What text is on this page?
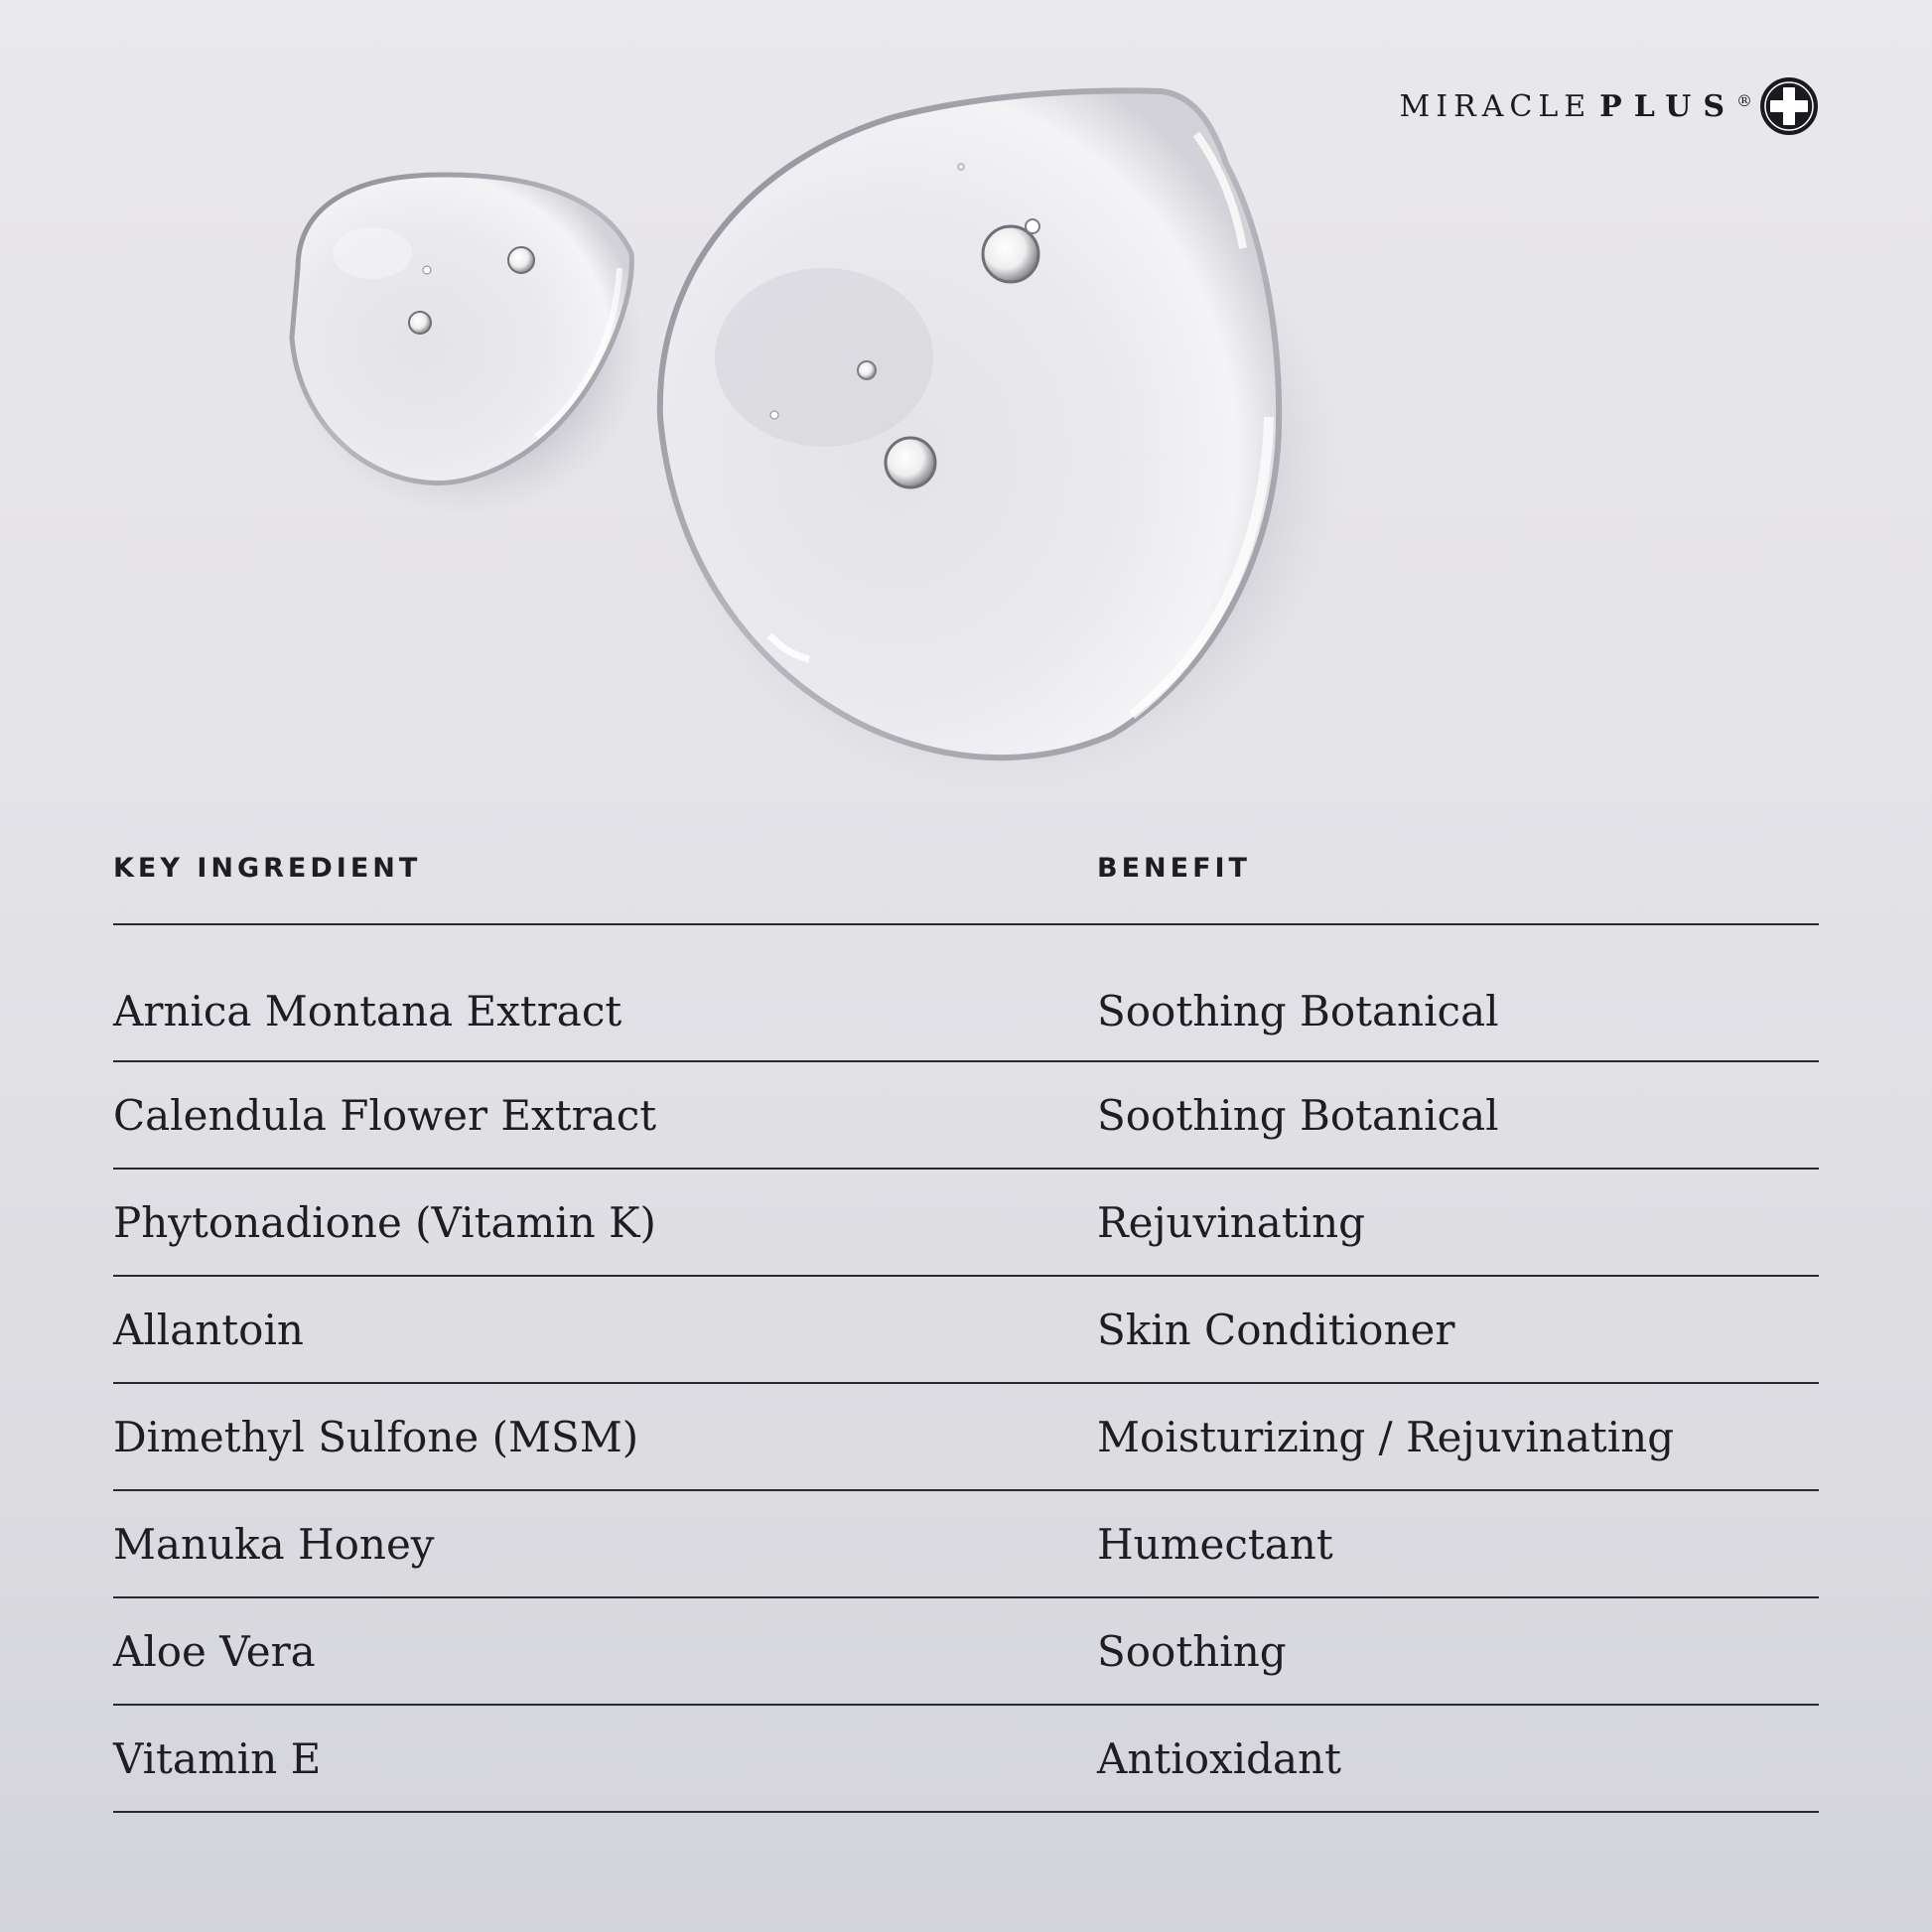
MIRACLE PLUS®
KEY INGREDIENT	BENEFIT
Arnica Montana Extract	Soothing Botanical
Calendula Flower Extract	Soothing Botanical
Phytonadione (Vitamin K)	Rejuvinating
Allantoin	Skin Conditioner
Dimethyl Sulfone (MSM)	Moisturizing / Rejuvinating
Manuka Honey	Humectant
Aloe Vera	Soothing
Vitamin E	Antioxidant
